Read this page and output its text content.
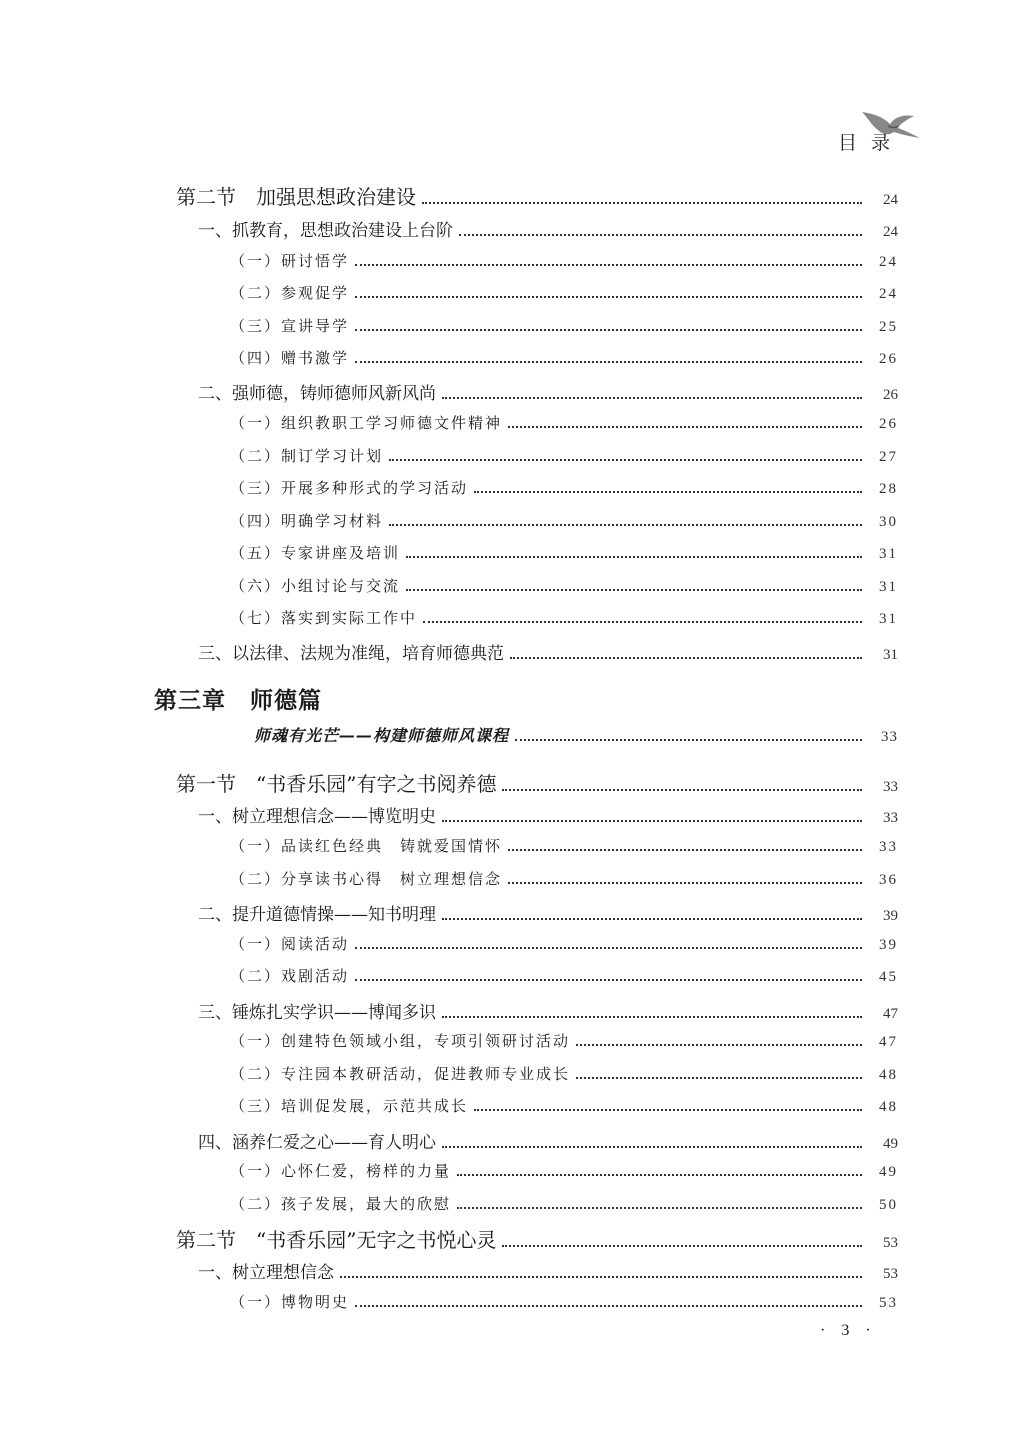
目录
第二节　加强思想政治建设	24
一、抓教育，思想政治建设上台阶	24
（一）研讨悟学	24
（二）参观促学	24
（三）宣讲导学	25
（四）赠书激学	26
二、强师德，铸师德师风新风尚	26
（一）组织教职工学习师德文件精神	26
（二）制订学习计划	27
（三）开展多种形式的学习活动	28
（四）明确学习材料	30
（五）专家讲座及培训	31
（六）小组讨论与交流	31
（七）落实到实际工作中	31
三、以法律、法规为准绳，培育师德典范	31
第三章　师德篇
师魂有光芒——构建师德师风课程	33
第一节　“书香乐园”有字之书阅养德	33
一、树立理想信念——博览明史	33
（一）品读红色经典　铸就爱国情怀	33
（二）分享读书心得　树立理想信念	36
二、提升道德情操——知书明理	39
（一）阅读活动	39
（二）戏剧活动	45
三、锤炼扎实学识——博闻多识	47
（一）创建特色领域小组，专项引领研讨活动	47
（二）专注园本教研活动，促进教师专业成长	48
（三）培训促发展，示范共成长	48
四、涵养仁爱之心——育人明心	49
（一）心怀仁爱，榜样的力量	49
（二）孩子发展，最大的欣慰	50
第二节　“书香乐园”无字之书悦心灵	53
一、树立理想信念	53
（一）博物明史	53
· 3 ·
